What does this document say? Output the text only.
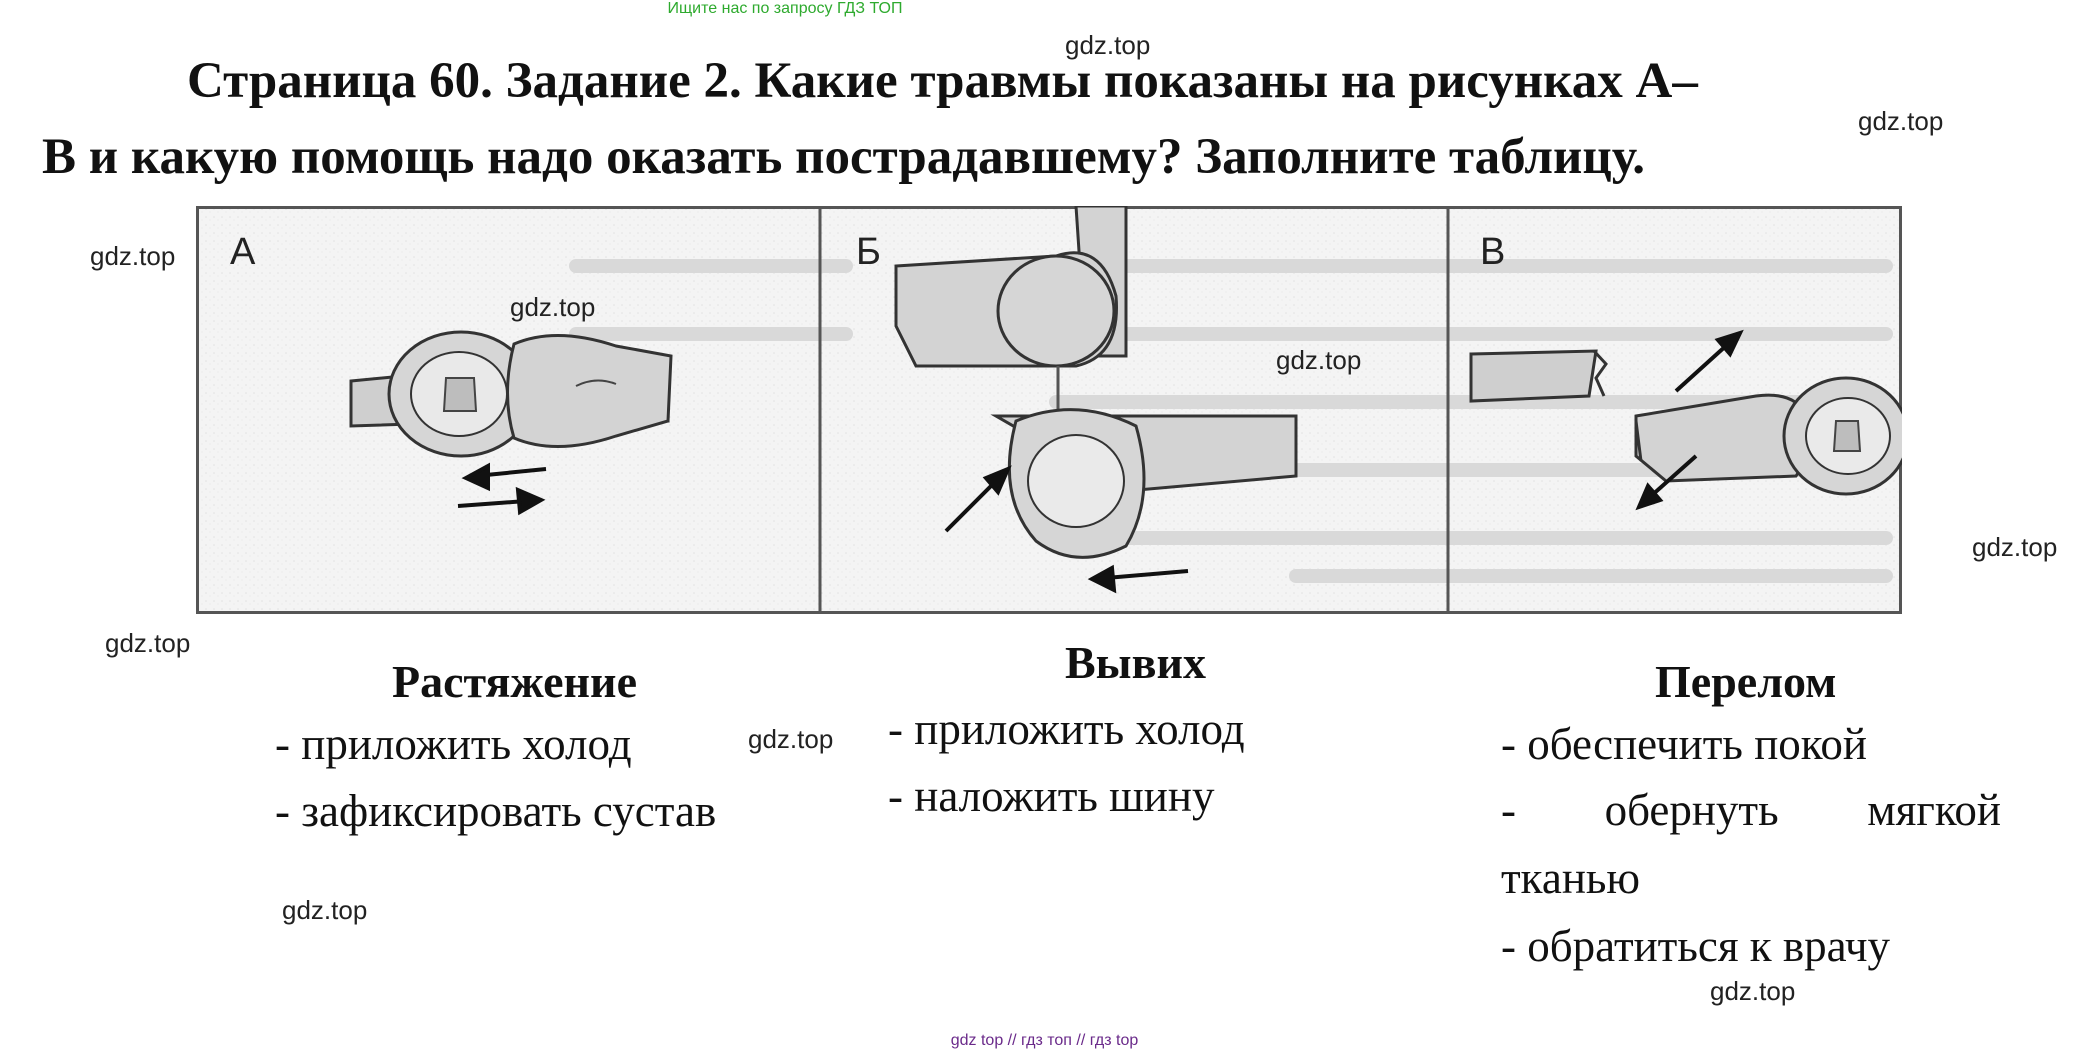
Ищите нас по запросу ГДЗ ТОП
Страница 60. Задание 2. Какие травмы показаны на рисунках А–
В и какую помощь надо оказать пострадавшему? Заполните таблицу.
А	Б	В
Растяжение
- приложить холод
- зафиксировать сустав
Вывих
- приложить холод
- наложить шину
Перелом
- обеспечить покой
- обернуть мягкой
тканью
- обратиться к врачу
gdz.top
gdz.top
gdz.top
gdz.top
gdz.top
gdz.top
gdz.top
gdz.top
gdz.top
gdz.top
gdz top // гдз топ // гдз top
